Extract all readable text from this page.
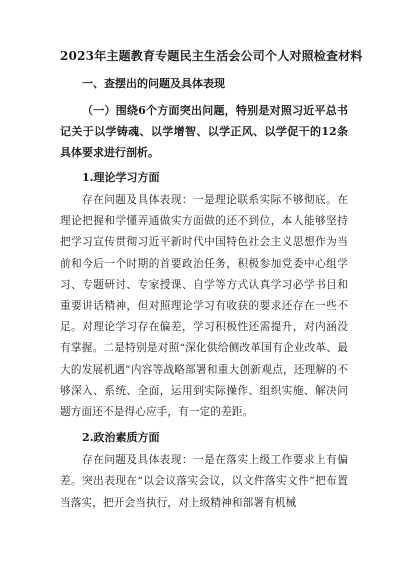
2023年主题教育专题民主生活会公司个人对照检查材料
一、查摆出的问题及具体表现

（一）围绕6个方面突出问题，特别是对照习近平总书记关于以学铸魂、以学增智、以学正风、以学促干的12条具体要求进行剖析。

1.理论学习方面

存在问题及具体表现：一是理论联系实际不够彻底。在理论把握和学懂弄通做实方面做的还不到位，本人能够坚持把学习宣传贯彻习近平新时代中国特色社会主义思想作为当前和今后一个时期的首要政治任务，积极参加党委中心组学习、专题研讨、专家授课、自学等方式认真学习必学书目和重要讲话精神，但对照理论学习有收获的要求还存在一些不足。对理论学习存在偏差，学习积极性还需提升，对内涵没有掌握。二是特别是对照“深化供给侧改革国有企业改革、最大的发展机遇”内容等战略部署和重大创新观点，还理解的不够深入、系统、全面，运用到实际操作、组织实施、解决问题方面还不是得心应手，有一定的差距。

2.政治素质方面

存在问题及具体表现：一是在落实上级工作要求上有偏差。突出表现在“以会议落实会议，以文件落实文件”把布置当落实，把开会当执行，对上级精神和部署有机械
